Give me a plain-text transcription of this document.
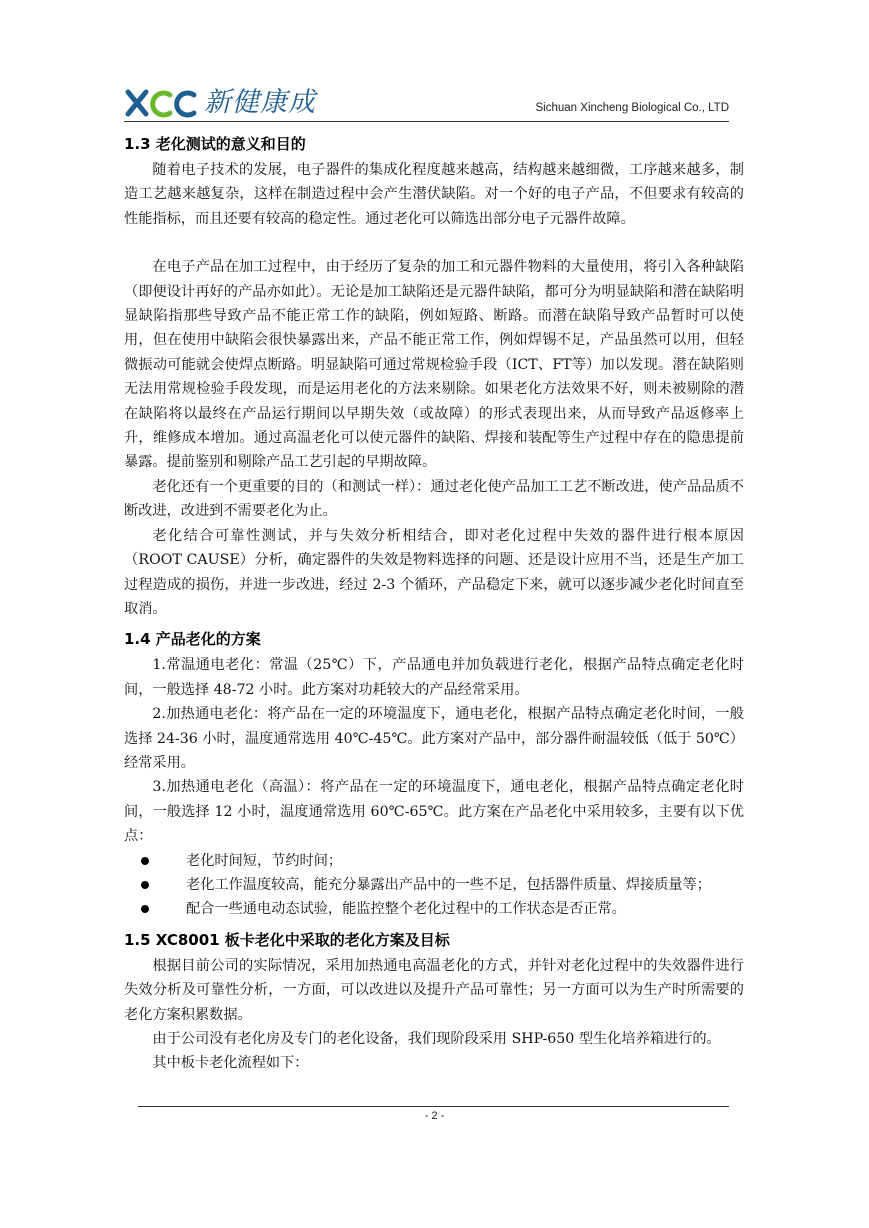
新健康成	Sichuan Xincheng Biological Co., LTD
1.3 老化测试的意义和目的

随着电子技术的发展，电子器件的集成化程度越来越高，结构越来越细微，工序越来越多，制造工艺越来越复杂，这样在制造过程中会产生潜伏缺陷。对一个好的电子产品，不但要求有较高的性能指标，而且还要有较高的稳定性。通过老化可以筛选出部分电子元器件故障。

在电子产品在加工过程中，由于经历了复杂的加工和元器件物料的大量使用，将引入各种缺陷（即便设计再好的产品亦如此）。无论是加工缺陷还是元器件缺陷，都可分为明显缺陷和潜在缺陷明显缺陷指那些导致产品不能正常工作的缺陷，例如短路、断路。而潜在缺陷导致产品暂时可以使用，但在使用中缺陷会很快暴露出来，产品不能正常工作，例如焊锡不足，产品虽然可以用，但轻微振动可能就会使焊点断路。明显缺陷可通过常规检验手段（ICT、FT等）加以发现。潜在缺陷则无法用常规检验手段发现，而是运用老化的方法来剔除。如果老化方法效果不好，则未被剔除的潜在缺陷将以最终在产品运行期间以早期失效（或故障）的形式表现出来，从而导致产品返修率上升，维修成本增加。通过高温老化可以使元器件的缺陷、焊接和装配等生产过程中存在的隐患提前暴露。提前鉴别和剔除产品工艺引起的早期故障。

老化还有一个更重要的目的（和测试一样）：通过老化使产品加工工艺不断改进，使产品品质不断改进，改进到不需要老化为止。

老化结合可靠性测试，并与失效分析相结合，即对老化过程中失效的器件进行根本原因（ROOT CAUSE）分析，确定器件的失效是物料选择的问题、还是设计应用不当，还是生产加工过程造成的损伤，并进一步改进，经过 2-3 个循环，产品稳定下来，就可以逐步减少老化时间直至取消。

1.4 产品老化的方案

1.常温通电老化：常温（25℃）下，产品通电并加负载进行老化，根据产品特点确定老化时间，一般选择 48-72 小时。此方案对功耗较大的产品经常采用。

2.加热通电老化：将产品在一定的环境温度下，通电老化，根据产品特点确定老化时间，一般选择 24-36 小时，温度通常选用 40℃-45℃。此方案对产品中，部分器件耐温较低（低于 50℃）经常采用。

3.加热通电老化（高温）：将产品在一定的环境温度下，通电老化，根据产品特点确定老化时间，一般选择 12 小时，温度通常选用 60℃-65℃。此方案在产品老化中采用较多，主要有以下优点：

老化时间短，节约时间；
老化工作温度较高，能充分暴露出产品中的一些不足，包括器件质量、焊接质量等；
配合一些通电动态试验，能监控整个老化过程中的工作状态是否正常。
1.5 XC8001 板卡老化中采取的老化方案及目标

根据目前公司的实际情况，采用加热通电高温老化的方式，并针对老化过程中的失效器件进行失效分析及可靠性分析，一方面，可以改进以及提升产品可靠性；另一方面可以为生产时所需要的老化方案积累数据。

由于公司没有老化房及专门的老化设备，我们现阶段采用 SHP-650 型生化培养箱进行的。

其中板卡老化流程如下：

- 2 -
